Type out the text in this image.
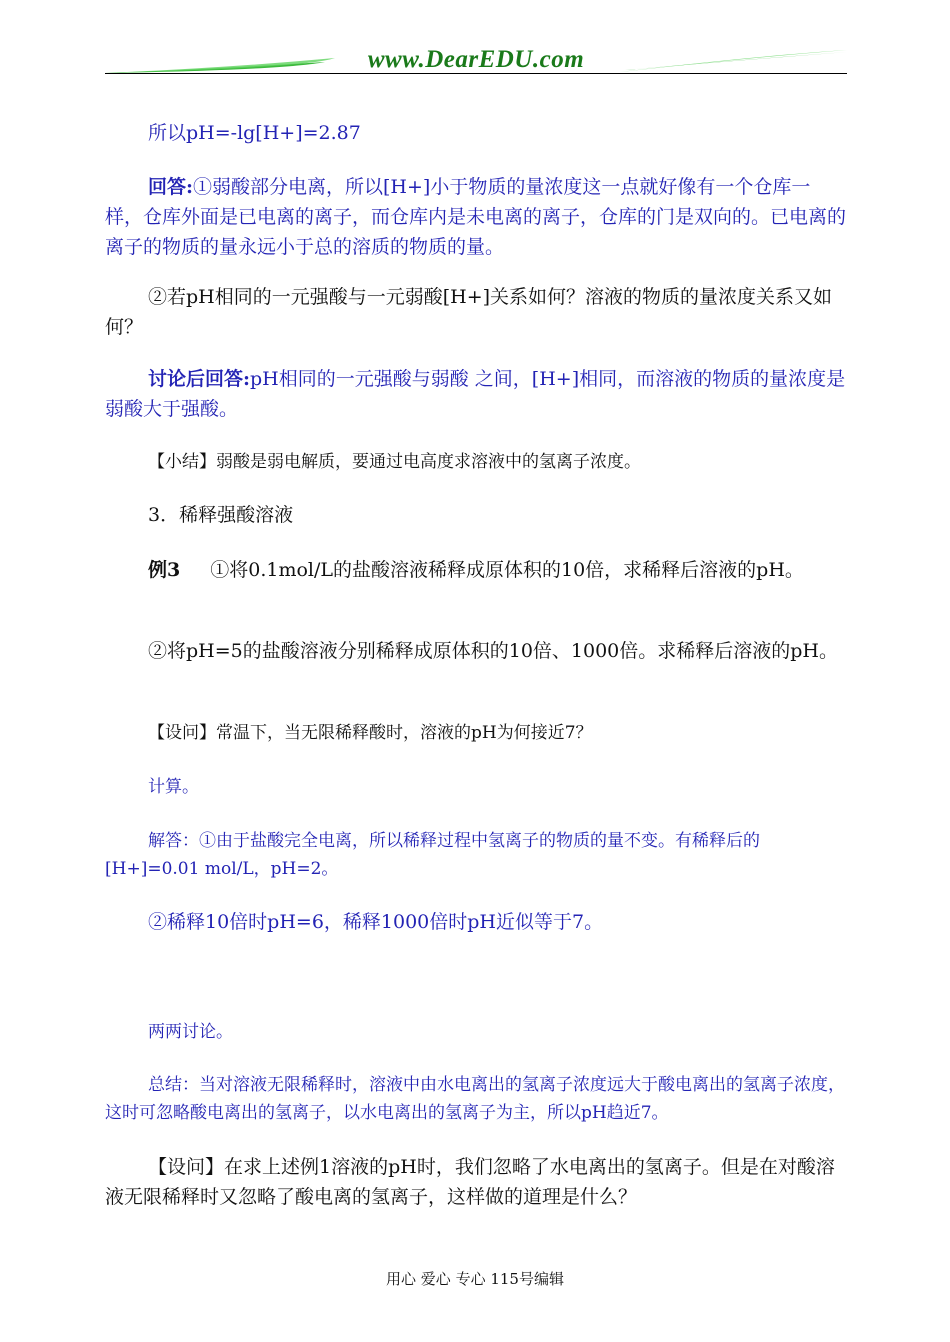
www.DearEDU.com

所以pH=-lg[H+]=2.87

回答:①弱酸部分电离，所以[H+]小于物质的量浓度这一点就好像有一个仓库一样，仓库外面是已电离的离子，而仓库内是未电离的离子，仓库的门是双向的。已电离的离子的物质的量永远小于总的溶质的物质的量。

②若pH相同的一元强酸与一元弱酸[H+]关系如何？溶液的物质的量浓度关系又如何？

讨论后回答:pH相同的一元强酸与弱酸 之间，[H+]相同，而溶液的物质的量浓度是弱酸大于强酸。

【小结】弱酸是弱电解质，要通过电高度求溶液中的氢离子浓度。

3．稀释强酸溶液

例3 ①将0.1mol/L的盐酸溶液稀释成原体积的10倍，求稀释后溶液的pH。

②将pH=5的盐酸溶液分别稀释成原体积的10倍、1000倍。求稀释后溶液的pH。

【设问】常温下，当无限稀释酸时，溶液的pH为何接近7？

计算。

解答：①由于盐酸完全电离，所以稀释过程中氢离子的物质的量不变。有稀释后的[H+]=0.01 mol/L，pH=2。

②稀释10倍时pH=6，稀释1000倍时pH近似等于7。

两两讨论。

总结：当对溶液无限稀释时，溶液中由水电离出的氢离子浓度远大于酸电离出的氢离子浓度，这时可忽略酸电离出的氢离子，以水电离出的氢离子为主，所以pH趋近7。

【设问】在求上述例1溶液的pH时，我们忽略了水电离出的氢离子。但是在对酸溶液无限稀释时又忽略了酸电离的氢离子，这样做的道理是什么？

用心 爱心 专心 115号编辑
